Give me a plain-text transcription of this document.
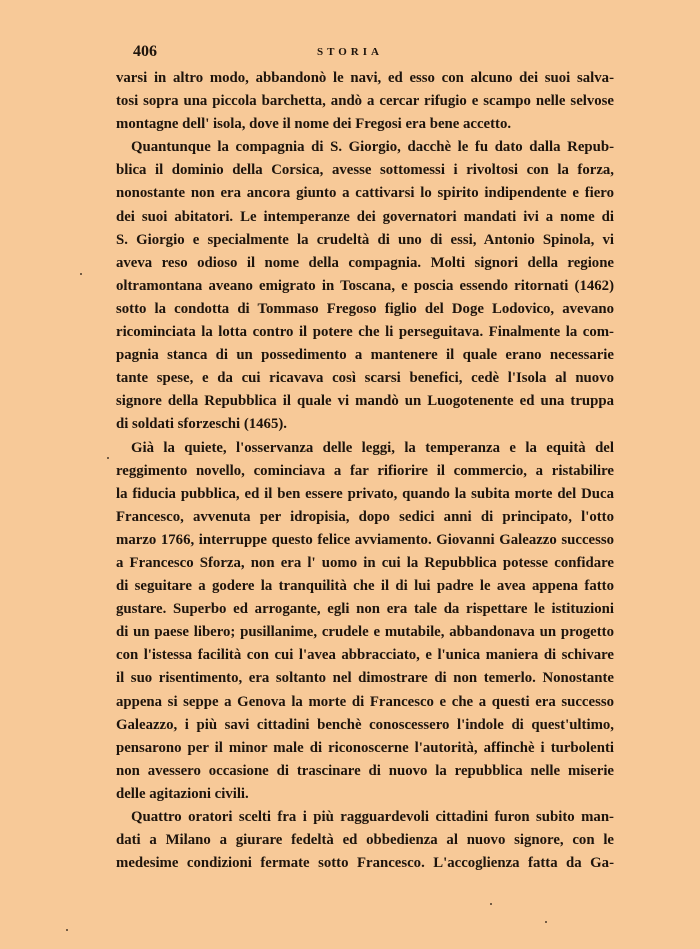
406	STORIA
varsi in altro modo, abbandonò le navi, ed esso con alcuno dei suoi salva-
tosi sopra una piccola barchetta, andò a cercar rifugio e scampo nelle selvose
montagne dell' isola, dove il nome dei Fregosi era bene accetto.
Quantunque la compagnia di S. Giorgio, dacchè le fu dato dalla Repub-
blica il dominio della Corsica, avesse sottomessi i rivoltosi con la forza,
nonostante non era ancora giunto a cattivarsi lo spirito indipendente e fiero
dei suoi abitatori. Le intemperanze dei governatori mandati ivi a nome di
S. Giorgio e specialmente la crudeltà di uno di essi, Antonio Spinola, vi
aveva reso odioso il nome della compagnia. Molti signori della regione
oltramontana aveano emigrato in Toscana, e poscia essendo ritornati (1462)
sotto la condotta di Tommaso Fregoso figlio del Doge Lodovico, avevano
ricominciata la lotta contro il potere che li perseguitava. Finalmente la com-
pagnia stanca di un possedimento a mantenere il quale erano necessarie
tante spese, e da cui ricavava così scarsi benefici, cedè l'Isola al nuovo
signore della Repubblica il quale vi mandò un Luogotenente ed una truppa
di soldati sforzeschi (1465).
Già la quiete, l'osservanza delle leggi, la temperanza e la equità del
reggimento novello, cominciava a far rifiorire il commercio, a ristabilire
la fiducia pubblica, ed il ben essere privato, quando la subita morte del Duca
Francesco, avvenuta per idropisia, dopo sedici anni di principato, l'otto
marzo 1766, interruppe questo felice avviamento. Giovanni Galeazzo successo
a Francesco Sforza, non era l' uomo in cui la Repubblica potesse confidare
di seguitare a godere la tranquilità che il di lui padre le avea appena fatto
gustare. Superbo ed arrogante, egli non era tale da rispettare le istituzioni
di un paese libero; pusillanime, crudele e mutabile, abbandonava un progetto
con l'istessa facilità con cui l'avea abbracciato, e l'unica maniera di schivare
il suo risentimento, era soltanto nel dimostrare di non temerlo. Nonostante
appena si seppe a Genova la morte di Francesco e che a questi era successo
Galeazzo, i più savi cittadini benchè conoscessero l'indole di quest'ultimo,
pensarono per il minor male di riconoscerne l'autorità, affinchè i turbolenti
non avessero occasione di trascinare di nuovo la repubblica nelle miserie
delle agitazioni civili.
Quattro oratori scelti fra i più ragguardevoli cittadini furon subito man-
dati a Milano a giurare fedeltà ed obbedienza al nuovo signore, con le
medesime condizioni fermate sotto Francesco. L'accoglienza fatta da Ga-
